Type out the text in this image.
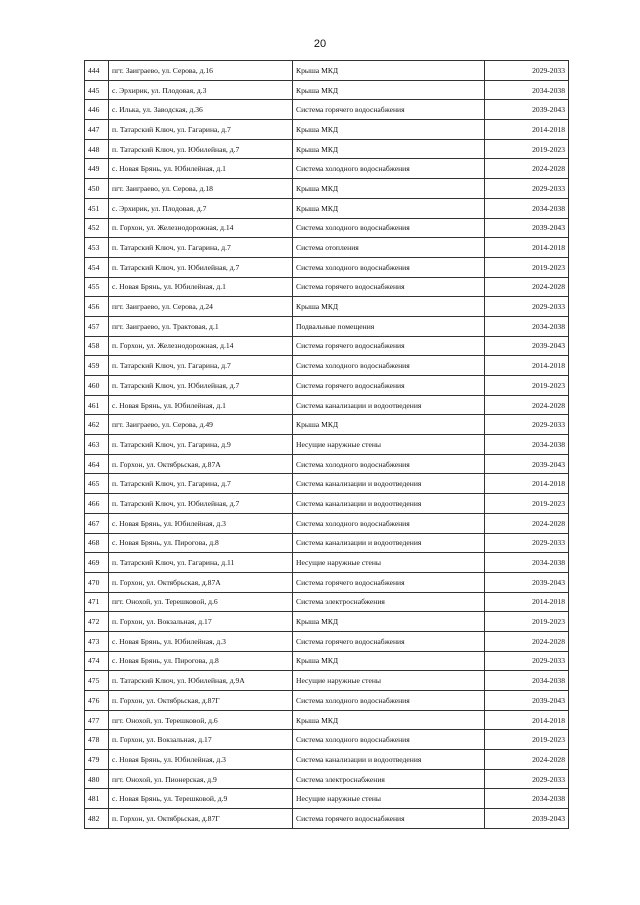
20
444	пгт. Заиграево, ул. Серова, д.16	Крыша МКД	2029-2033
445	с. Эрхирик, ул. Плодовая, д.3	Крыша МКД	2034-2038
446	с. Илька, ул. Заводская, д.36	Система горячего водоснабжения	2039-2043
447	п. Татарский Ключ, ул. Гагарина, д.7	Крыша МКД	2014-2018
448	п. Татарский Ключ, ул. Юбилейная, д.7	Крыша МКД	2019-2023
449	с. Новая Брянь, ул. Юбилейная, д.1	Система холодного водоснабжения	2024-2028
450	пгт. Заиграево, ул. Серова, д.18	Крыша МКД	2029-2033
451	с. Эрхирик, ул. Плодовая, д.7	Крыша МКД	2034-2038
452	п. Горхон, ул. Железнодорожная, д.14	Система холодного водоснабжения	2039-2043
453	п. Татарский Ключ, ул. Гагарина, д.7	Система отопления	2014-2018
454	п. Татарский Ключ, ул. Юбилейная, д.7	Система холодного водоснабжения	2019-2023
455	с. Новая Брянь, ул. Юбилейная, д.1	Система горячего водоснабжения	2024-2028
456	пгт. Заиграево, ул. Серова, д.24	Крыша МКД	2029-2033
457	пгт. Заиграево, ул. Трактовая, д.1	Подвальные помещения	2034-2038
458	п. Горхон, ул. Железнодорожная, д.14	Система горячего водоснабжения	2039-2043
459	п. Татарский Ключ, ул. Гагарина, д.7	Система холодного водоснабжения	2014-2018
460	п. Татарский Ключ, ул. Юбилейная, д.7	Система горячего водоснабжения	2019-2023
461	с. Новая Брянь, ул. Юбилейная, д.1	Система канализации и водоотведения	2024-2028
462	пгт. Заиграево, ул. Серова, д.49	Крыша МКД	2029-2033
463	п. Татарский Ключ, ул. Гагарина, д.9	Несущие наружные стены	2034-2038
464	п. Горхон, ул. Октябрьская, д.87А	Система холодного водоснабжения	2039-2043
465	п. Татарский Ключ, ул. Гагарина, д.7	Система канализации и водоотведения	2014-2018
466	п. Татарский Ключ, ул. Юбилейная, д.7	Система канализации и водоотведения	2019-2023
467	с. Новая Брянь, ул. Юбилейная, д.3	Система холодного водоснабжения	2024-2028
468	с. Новая Брянь, ул. Пирогова, д.8	Система канализации и водоотведения	2029-2033
469	п. Татарский Ключ, ул. Гагарина, д.11	Несущие наружные стены	2034-2038
470	п. Горхон, ул. Октябрьская, д.87А	Система горячего водоснабжения	2039-2043
471	пгт. Онохой, ул. Терешковой, д.6	Система электроснабжения	2014-2018
472	п. Горхон, ул. Вокзальная, д.17	Крыша МКД	2019-2023
473	с. Новая Брянь, ул. Юбилейная, д.3	Система горячего водоснабжения	2024-2028
474	с. Новая Брянь, ул. Пирогова, д.8	Крыша МКД	2029-2033
475	п. Татарский Ключ, ул. Юбилейная, д.9А	Несущие наружные стены	2034-2038
476	п. Горхон, ул. Октябрьская, д.87Г	Система холодного водоснабжения	2039-2043
477	пгт. Онохой, ул. Терешковой, д.6	Крыша МКД	2014-2018
478	п. Горхон, ул. Вокзальная, д.17	Система холодного водоснабжения	2019-2023
479	с. Новая Брянь, ул. Юбилейная, д.3	Система канализации и водоотведения	2024-2028
480	пгт. Онохой, ул. Пионерская, д.9	Система электроснабжения	2029-2033
481	с. Новая Брянь, ул. Терешковой, д.9	Несущие наружные стены	2034-2038
482	п. Горхон, ул. Октябрьская, д.87Г	Система горячего водоснабжения	2039-2043
